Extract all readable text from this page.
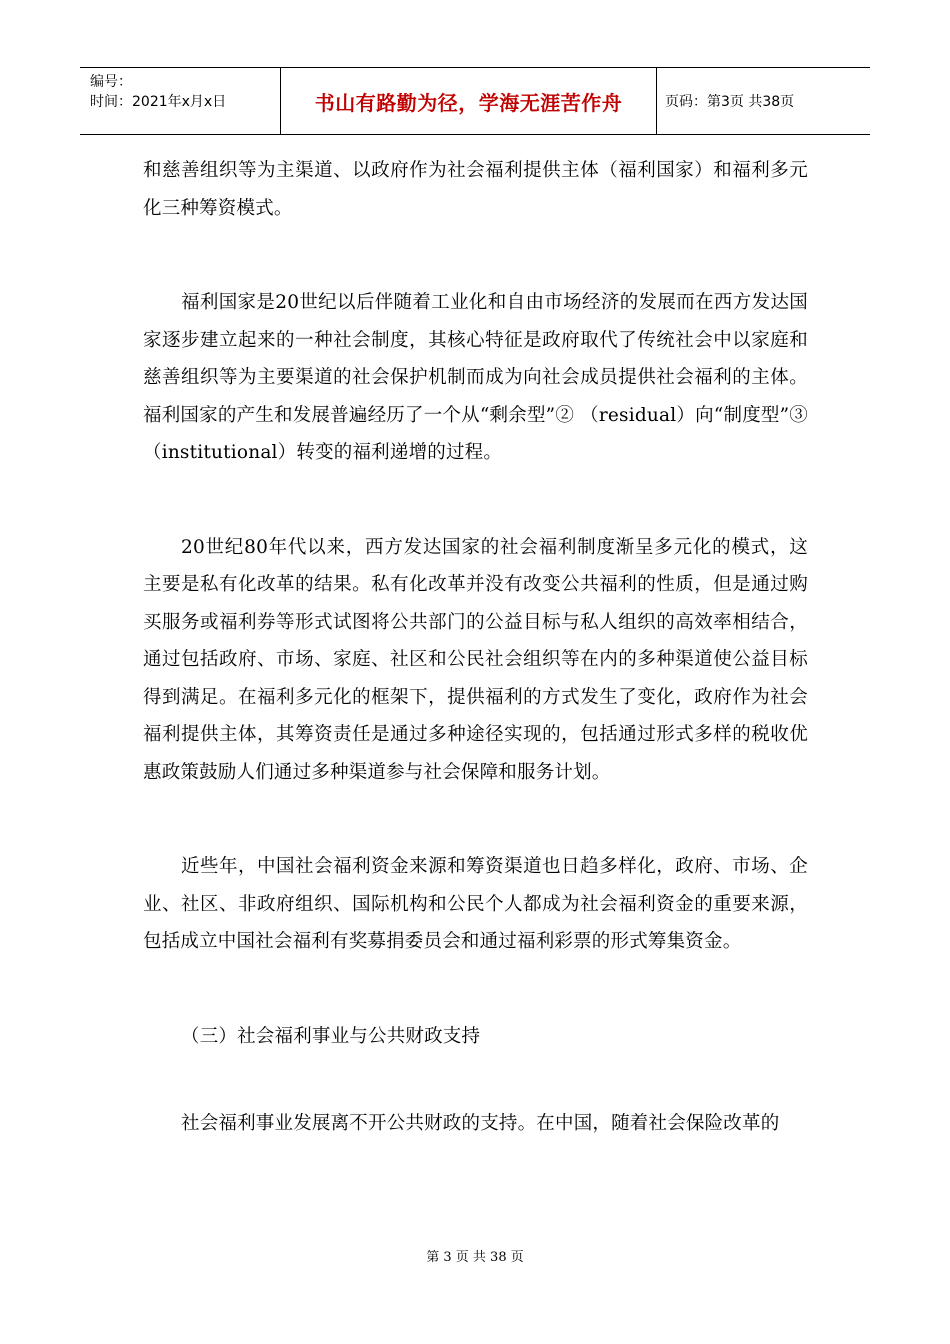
编号：
时间：2021年x月x日	书山有路勤为径，学海无涯苦作舟	页码：第3页 共38页

和慈善组织等为主渠道、以政府作为社会福利提供主体（福利国家）和福利多元化三种筹资模式。

福利国家是20世纪以后伴随着工业化和自由市场经济的发展而在西方发达国家逐步建立起来的一种社会制度，其核心特征是政府取代了传统社会中以家庭和慈善组织等为主要渠道的社会保护机制而成为向社会成员提供社会福利的主体。福利国家的产生和发展普遍经历了一个从“剩余型”② （residual）向“制度型”③ （institutional）转变的福利递增的过程。

20世纪80年代以来，西方发达国家的社会福利制度渐呈多元化的模式，这主要是私有化改革的结果。私有化改革并没有改变公共福利的性质，但是通过购买服务或福利券等形式试图将公共部门的公益目标与私人组织的高效率相结合，通过包括政府、市场、家庭、社区和公民社会组织等在内的多种渠道使公益目标得到满足。在福利多元化的框架下，提供福利的方式发生了变化，政府作为社会福利提供主体，其筹资责任是通过多种途径实现的，包括通过形式多样的税收优惠政策鼓励人们通过多种渠道参与社会保障和服务计划。

近些年，中国社会福利资金来源和筹资渠道也日趋多样化，政府、市场、企业、社区、非政府组织、国际机构和公民个人都成为社会福利资金的重要来源，包括成立中国社会福利有奖募捐委员会和通过福利彩票的形式筹集资金。

（三）社会福利事业与公共财政支持

社会福利事业发展离不开公共财政的支持。在中国，随着社会保险改革的

第 3 页 共 38 页
